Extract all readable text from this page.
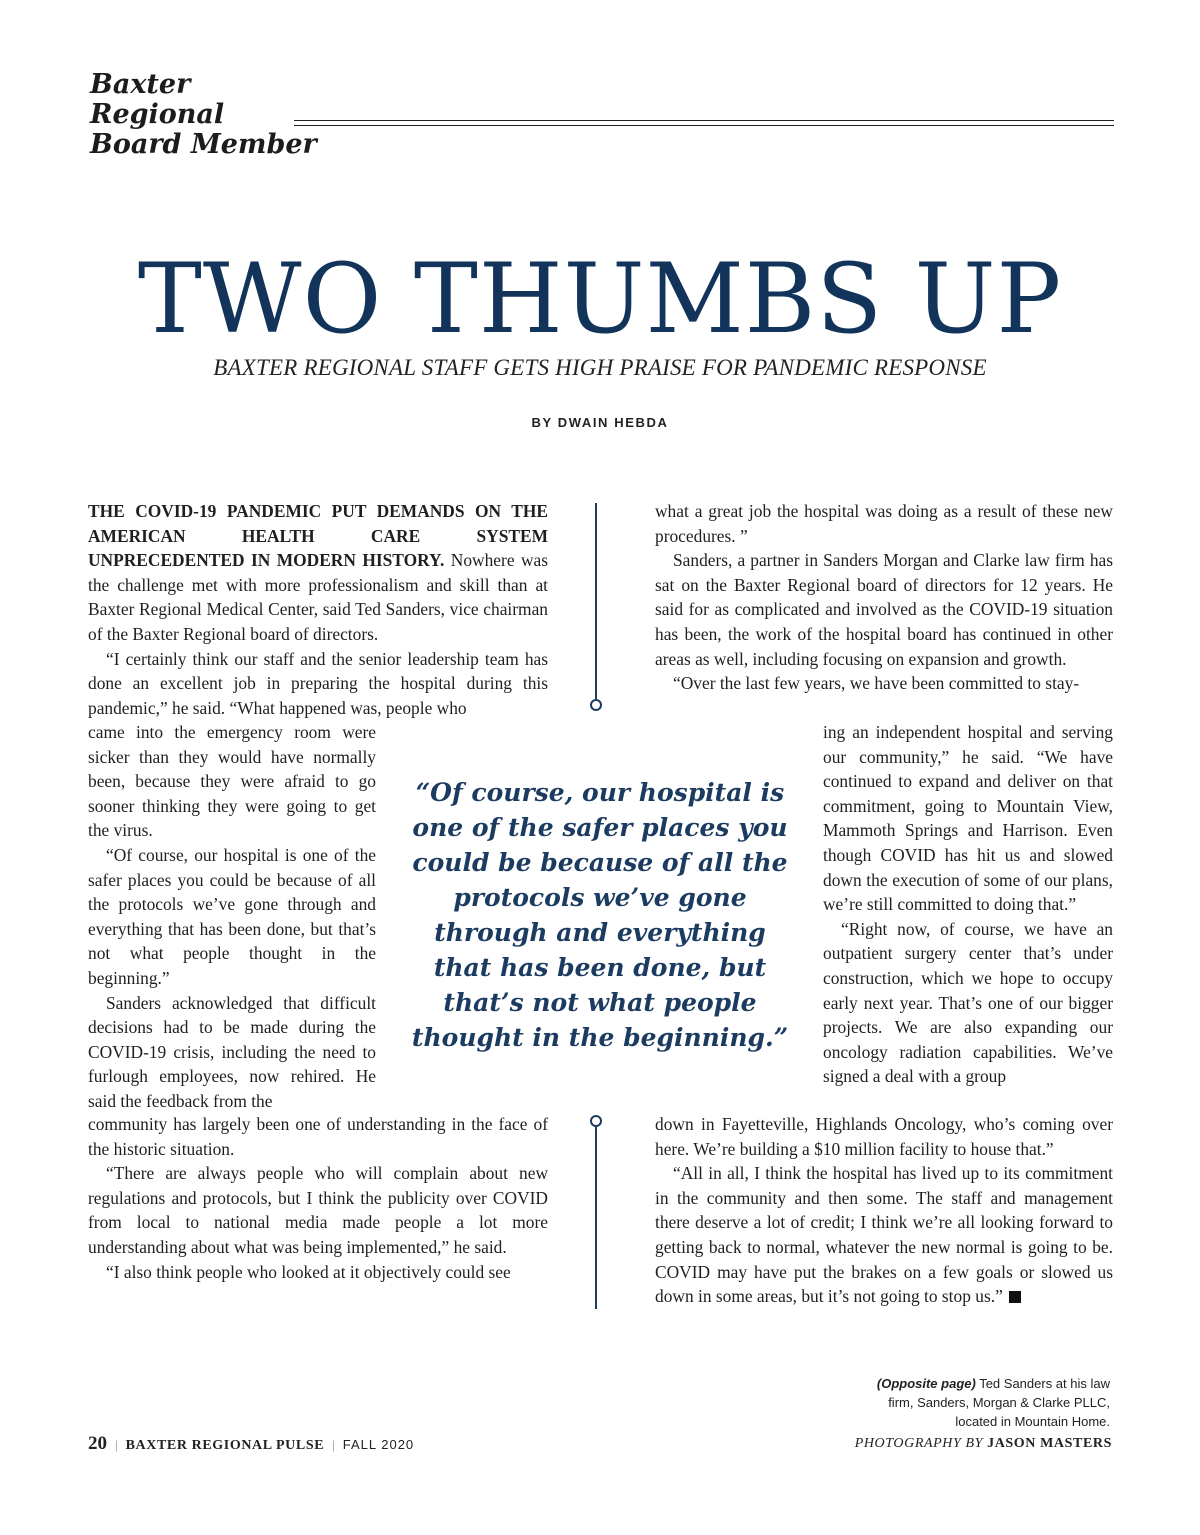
Baxter Regional
Board Member
TWO THUMBS UP
BAXTER REGIONAL STAFF GETS HIGH PRAISE FOR PANDEMIC RESPONSE
BY DWAIN HEBDA

THE COVID-19 PANDEMIC PUT DEMANDS ON THE AMERICAN HEALTH CARE SYSTEM UNPRECEDENTED IN MODERN HISTORY. Nowhere was the challenge met with more professionalism and skill than at Baxter Regional Medical Center, said Ted Sanders, vice chairman of the Baxter Regional board of directors.

“I certainly think our staff and the senior leadership team has done an excellent job in preparing the hospital during this pandemic,” he said. “What happened was, people who

came into the emergency room were sicker than they would have normally been, because they were afraid to go sooner thinking they were going to get the virus.

“Of course, our hospital is one of the safer places you could be because of all the protocols we’ve gone through and everything that has been done, but that’s not what people thought in the beginning.”

Sanders acknowledged that difficult decisions had to be made during the COVID-19 crisis, including the need to furlough employees, now rehired. He said the feedback from the

community has largely been one of understanding in the face of the historic situation.

“There are always people who will complain about new regulations and protocols, but I think the publicity over COVID from local to national media made people a lot more understanding about what was being implemented,” he said.

“I also think people who looked at it objectively could see

what a great job the hospital was doing as a result of these new procedures. ”

Sanders, a partner in Sanders Morgan and Clarke law firm has sat on the Baxter Regional board of directors for 12 years. He said for as complicated and involved as the COVID-19 situation has been, the work of the hospital board has continued in other areas as well, including focusing on expansion and growth.

“Over the last few years, we have been committed to stay-

ing an independent hospital and serving our community,” he said. “We have continued to expand and deliver on that commitment, going to Mountain View, Mammoth Springs and Harrison. Even though COVID has hit us and slowed down the execution of some of our plans, we’re still committed to doing that.”

“Right now, of course, we have an outpatient surgery center that’s under construction, which we hope to occupy early next year. That’s one of our bigger projects. We are also expanding our oncology radiation capabilities. We’ve signed a deal with a group

down in Fayetteville, Highlands Oncology, who’s coming over here. We’re building a $10 million facility to house that.”

“All in all, I think the hospital has lived up to its commitment in the community and then some. The staff and management there deserve a lot of credit; I think we’re all looking forward to getting back to normal, whatever the new normal is going to be. COVID may have put the brakes on a few goals or slowed us down in some areas, but it’s not going to stop us.”

“Of course, our hospital is one of the safer places you could be because of all the protocols we’ve gone through and everything that has been done, but that’s not what people thought in the beginning.”
(Opposite page) Ted Sanders at his law firm, Sanders, Morgan & Clarke PLLC, located in Mountain Home.
20 | BAXTER REGIONAL PULSE | FALL 2020	PHOTOGRAPHY BY JASON MASTERS
